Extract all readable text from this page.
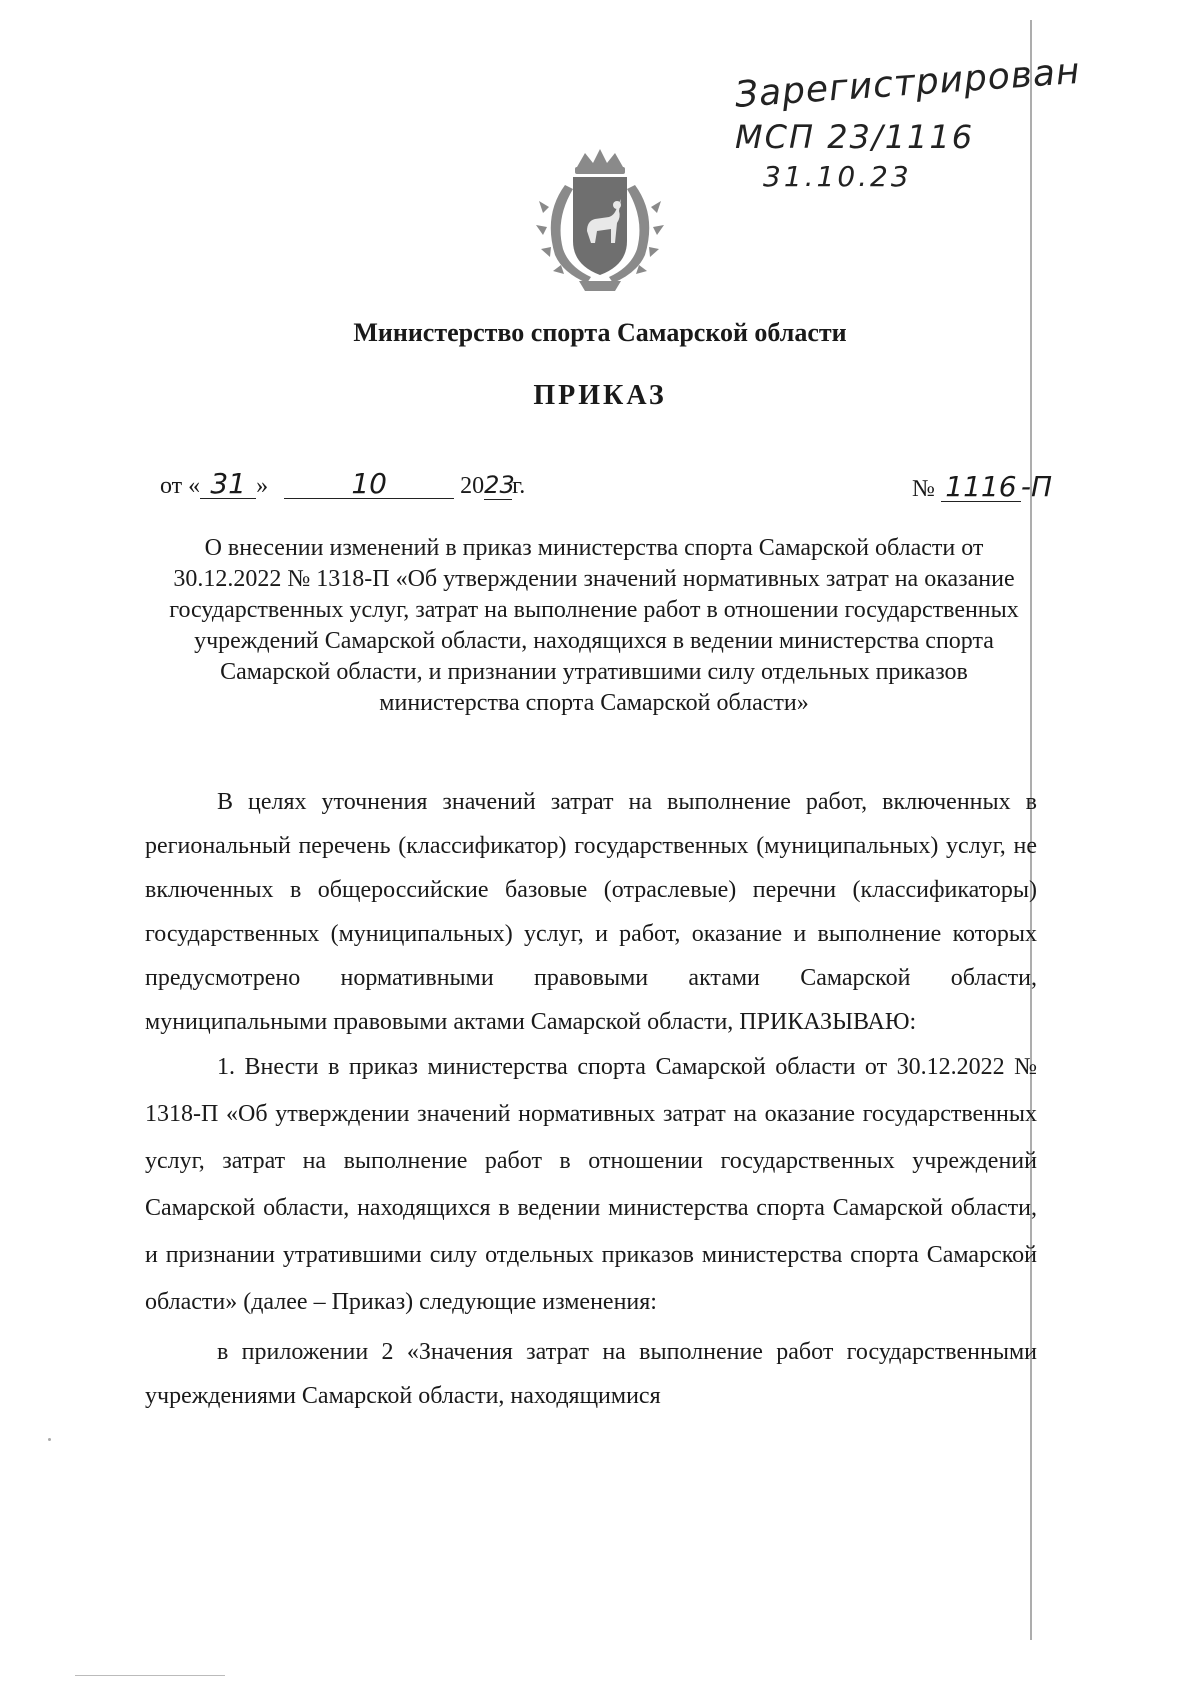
Зарегистрирован
МСП 23/1116
31.10.23
Министерство спорта Самарской области
ПРИКАЗ
от « 31 »	10	2023г.	№ 1116 -П
О внесении изменений в приказ министерства спорта Самарской области от 30.12.2022 № 1318-П «Об утверждении значений нормативных затрат на оказание государственных услуг, затрат на выполнение работ в отношении государственных учреждений Самарской области, находящихся в ведении министерства спорта Самарской области, и признании утратившими силу отдельных приказов министерства спорта Самарской области»

В целях уточнения значений затрат на выполнение работ, включенных в региональный перечень (классификатор) государственных (муниципальных) услуг, не включенных в общероссийские базовые (отраслевые) перечни (классификаторы) государственных (муниципальных) услуг, и работ, оказание и выполнение которых предусмотрено нормативными правовыми актами Самарской области, муниципальными правовыми актами Самарской области, ПРИКАЗЫВАЮ:

1. Внести в приказ министерства спорта Самарской области от 30.12.2022 № 1318-П «Об утверждении значений нормативных затрат на оказание государственных услуг, затрат на выполнение работ в отношении государственных учреждений Самарской области, находящихся в ведении министерства спорта Самарской области, и признании утратившими силу отдельных приказов министерства спорта Самарской области» (далее – Приказ) следующие изменения:

в приложении 2 «Значения затрат на выполнение работ государственными учреждениями Самарской области, находящимися
